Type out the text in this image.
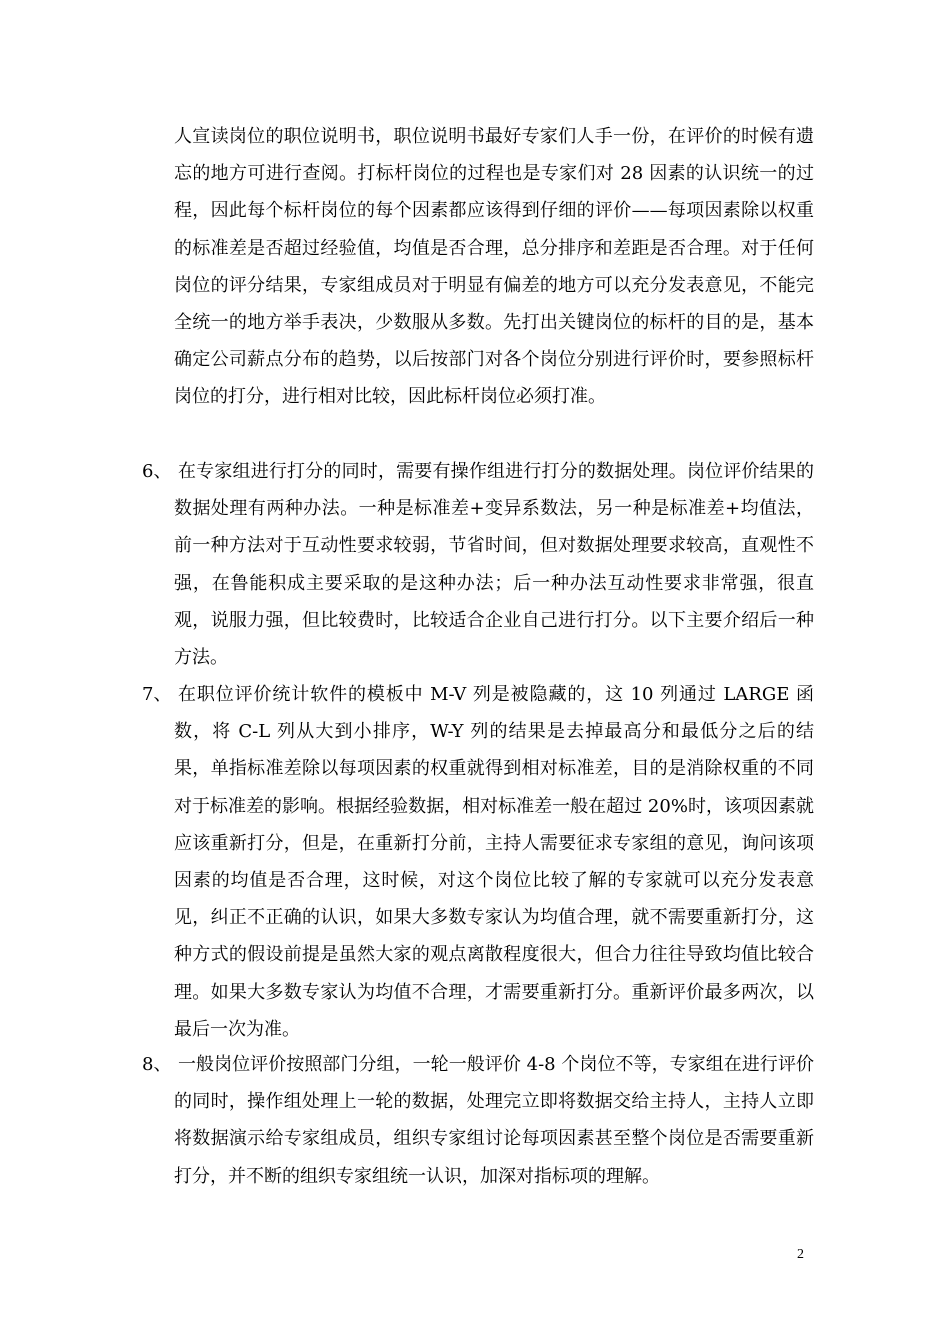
人宣读岗位的职位说明书，职位说明书最好专家们人手一份，在评价的时候有遗忘的地方可进行查阅。打标杆岗位的过程也是专家们对 28 因素的认识统一的过程，因此每个标杆岗位的每个因素都应该得到仔细的评价——每项因素除以权重的标准差是否超过经验值，均值是否合理，总分排序和差距是否合理。对于任何岗位的评分结果，专家组成员对于明显有偏差的地方可以充分发表意见，不能完全统一的地方举手表决，少数服从多数。先打出关键岗位的标杆的目的是，基本确定公司薪点分布的趋势，以后按部门对各个岗位分别进行评价时，要参照标杆岗位的打分，进行相对比较，因此标杆岗位必须打准。

6、 在专家组进行打分的同时，需要有操作组进行打分的数据处理。岗位评价结果的数据处理有两种办法。一种是标准差+变异系数法，另一种是标准差+均值法，前一种方法对于互动性要求较弱，节省时间，但对数据处理要求较高，直观性不强，在鲁能积成主要采取的是这种办法；后一种办法互动性要求非常强，很直观，说服力强，但比较费时，比较适合企业自己进行打分。以下主要介绍后一种方法。
7、 在职位评价统计软件的模板中 M-V 列是被隐藏的，这 10 列通过 LARGE 函数，将 C-L 列从大到小排序，W-Y 列的结果是去掉最高分和最低分之后的结果，单指标准差除以每项因素的权重就得到相对标准差，目的是消除权重的不同对于标准差的影响。根据经验数据，相对标准差一般在超过 20%时，该项因素就应该重新打分，但是，在重新打分前，主持人需要征求专家组的意见，询问该项因素的均值是否合理，这时候，对这个岗位比较了解的专家就可以充分发表意见，纠正不正确的认识，如果大多数专家认为均值合理，就不需要重新打分，这种方式的假设前提是虽然大家的观点离散程度很大，但合力往往导致均值比较合理。如果大多数专家认为均值不合理，才需要重新打分。重新评价最多两次，以最后一次为准。
8、 一般岗位评价按照部门分组，一轮一般评价 4-8 个岗位不等，专家组在进行评价的同时，操作组处理上一轮的数据，处理完立即将数据交给主持人，主持人立即将数据演示给专家组成员，组织专家组讨论每项因素甚至整个岗位是否需要重新打分，并不断的组织专家组统一认识，加深对指标项的理解。
2
